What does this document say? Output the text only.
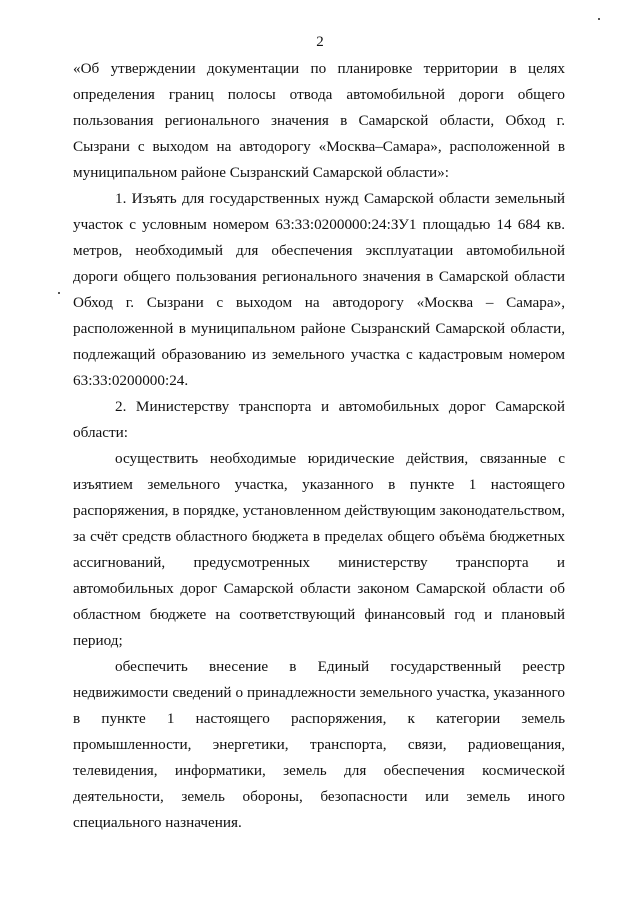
2

«Об утверждении документации по планировке территории в целях определения границ полосы отвода автомобильной дороги общего пользования регионального значения в Самарской области, Обход г. Сызрани с выходом на автодорогу «Москва–Самара», расположенной в муниципальном районе Сызранский Самарской области»:

1. Изъять для государственных нужд Самарской области земельный участок с условным номером 63:33:0200000:24:ЗУ1 площадью 14 684 кв. метров, необходимый для обеспечения эксплуатации автомобильной дороги общего пользования регионального значения в Самарской области Обход г. Сызрани с выходом на автодорогу «Москва – Самара», расположенной в муниципальном районе Сызранский Самарской области, подлежащий образованию из земельного участка с кадастровым номером 63:33:0200000:24.

2. Министерству транспорта и автомобильных дорог Самарской области:

осуществить необходимые юридические действия, связанные с изъятием земельного участка, указанного в пункте 1 настоящего распоряжения, в порядке, установленном действующим законодательством, за счёт средств областного бюджета в пределах общего объёма бюджетных ассигнований, предусмотренных министерству транспорта и автомобильных дорог Самарской области законом Самарской области об областном бюджете на соответствующий финансовый год и плановый период;

обеспечить внесение в Единый государственный реестр недвижимости сведений о принадлежности земельного участка, указанного в пункте 1 настоящего распоряжения, к категории земель промышленности, энергетики, транспорта, связи, радиовещания, телевидения, информатики, земель для обеспечения космической деятельности, земель обороны, безопасности или земель иного специального назначения.
